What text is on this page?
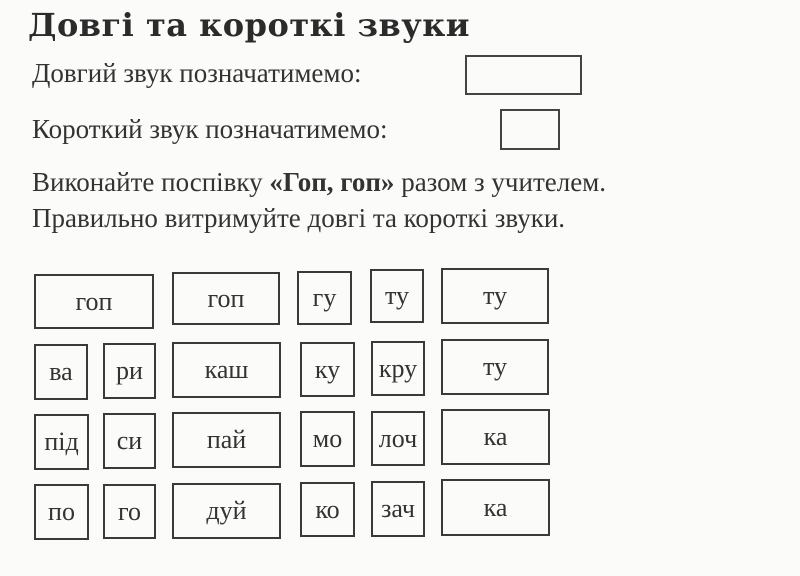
Довгі та короткі звуки
Довгий звук позначатимемо:
Короткий звук позначатимемо:
Виконайте поспівку «Гоп, гоп» разом з учителем.
Правильно витримуйте довгі та короткі звуки.
гоп	гоп	гу	ту	ту
ва	ри	каш	ку	кру	ту
під	си	пай	мо	лоч	ка
по	го	дуй	ко	зач	ка
